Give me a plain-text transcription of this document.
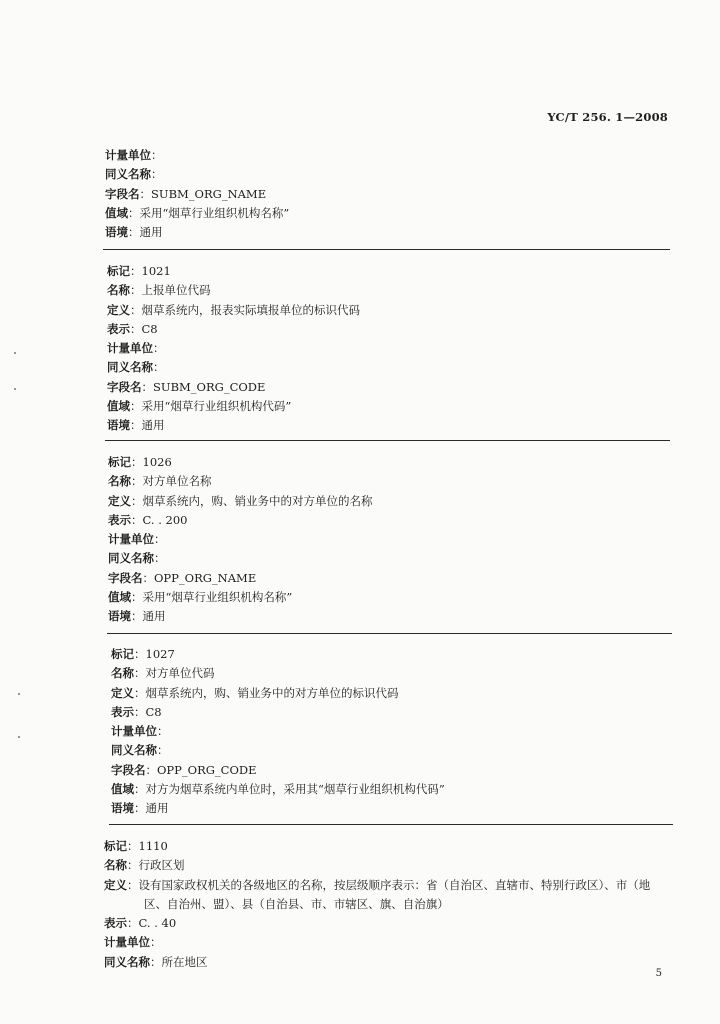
YC/T 256. 1—2008
计量单位：
同义名称：
字段名：SUBM_ORG_NAME
值域：采用“烟草行业组织机构名称”
语境：通用
标记：1021
名称：上报单位代码
定义：烟草系统内，报表实际填报单位的标识代码
表示：C8
计量单位：
同义名称：
字段名：SUBM_ORG_CODE
值域：采用“烟草行业组织机构代码”
语境：通用
标记：1026
名称：对方单位名称
定义：烟草系统内，购、销业务中的对方单位的名称
表示：C. . 200
计量单位：
同义名称：
字段名：OPP_ORG_NAME
值域：采用“烟草行业组织机构名称”
语境：通用
标记：1027
名称：对方单位代码
定义：烟草系统内，购、销业务中的对方单位的标识代码
表示：C8
计量单位：
同义名称：
字段名：OPP_ORG_CODE
值域：对方为烟草系统内单位时，采用其“烟草行业组织机构代码”
语境：通用
标记：1110
名称：行政区划
定义：设有国家政权机关的各级地区的名称，按层级顺序表示：省（自治区、直辖市、特别行政区）、市（地
区、自治州、盟）、县（自治县、市、市辖区、旗、自治旗）
表示：C. . 40
计量单位：
同义名称：所在地区
5
